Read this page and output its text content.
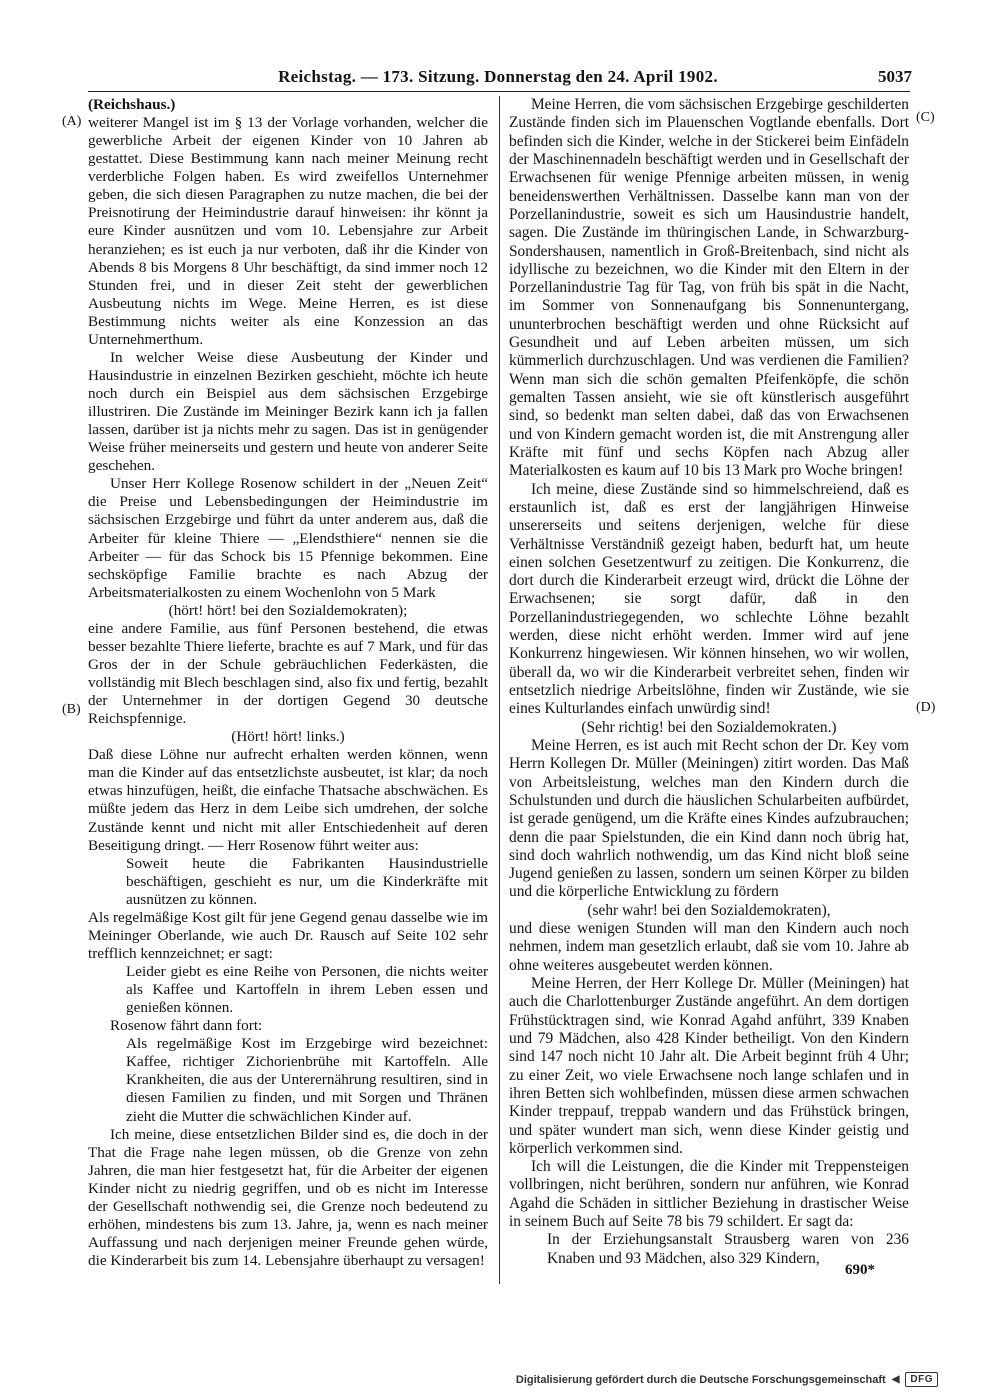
Reichstag. — 173. Sitzung. Donnerstag den 24. April 1902.	5037
(A)
(B)
(C)
(D)

(Reichshaus.)

weiterer Mangel ist im § 13 der Vorlage vorhanden, welcher die gewerbliche Arbeit der eigenen Kinder von 10 Jahren ab gestattet. Diese Bestimmung kann nach meiner Meinung recht verderbliche Folgen haben. Es wird zweifellos Unternehmer geben, die sich diesen Paragraphen zu nutze machen, die bei der Preisnotirung der Heimindustrie darauf hinweisen: ihr könnt ja eure Kinder ausnützen und vom 10. Lebensjahre zur Arbeit heranziehen; es ist euch ja nur verboten, daß ihr die Kinder von Abends 8 bis Morgens 8 Uhr beschäftigt, da sind immer noch 12 Stunden frei, und in dieser Zeit steht der gewerblichen Ausbeutung nichts im Wege. Meine Herren, es ist diese Bestimmung nichts weiter als eine Konzession an das Unternehmerthum.

In welcher Weise diese Ausbeutung der Kinder und Hausindustrie in einzelnen Bezirken geschieht, möchte ich heute noch durch ein Beispiel aus dem sächsischen Erzgebirge illustriren. Die Zustände im Meininger Bezirk kann ich ja fallen lassen, darüber ist ja nichts mehr zu sagen. Das ist in genügender Weise früher meinerseits und gestern und heute von anderer Seite geschehen.

Unser Herr Kollege Rosenow schildert in der „Neuen Zeit“ die Preise und Lebensbedingungen der Heimindustrie im sächsischen Erzgebirge und führt da unter anderem aus, daß die Arbeiter für kleine Thiere — „Elendsthiere“ nennen sie die Arbeiter — für das Schock bis 15 Pfennige bekommen. Eine sechsköpfige Familie brachte es nach Abzug der Arbeitsmaterialkosten zu einem Wochenlohn von 5 Mark

(hört! hört! bei den Sozialdemokraten);

eine andere Familie, aus fünf Personen bestehend, die etwas besser bezahlte Thiere lieferte, brachte es auf 7 Mark, und für das Gros der in der Schule gebräuchlichen Federkästen, die vollständig mit Blech beschlagen sind, also fix und fertig, bezahlt der Unternehmer in der dortigen Gegend 30 deutsche Reichspfennige.

(Hört! hört! links.)

Daß diese Löhne nur aufrecht erhalten werden können, wenn man die Kinder auf das entsetzlichste ausbeutet, ist klar; da noch etwas hinzufügen, heißt, die einfache Thatsache abschwächen. Es müßte jedem das Herz in dem Leibe sich umdrehen, der solche Zustände kennt und nicht mit aller Entschiedenheit auf deren Beseitigung dringt. — Herr Rosenow führt weiter aus:

Soweit heute die Fabrikanten Hausindustrielle beschäftigen, geschieht es nur, um die Kinderkräfte mit ausnützen zu können.

Als regelmäßige Kost gilt für jene Gegend genau dasselbe wie im Meininger Oberlande, wie auch Dr. Rausch auf Seite 102 sehr trefflich kennzeichnet; er sagt:

Leider giebt es eine Reihe von Personen, die nichts weiter als Kaffee und Kartoffeln in ihrem Leben essen und genießen können.

Rosenow fährt dann fort:

Als regelmäßige Kost im Erzgebirge wird bezeichnet: Kaffee, richtiger Zichorienbrühe mit Kartoffeln. Alle Krankheiten, die aus der Unterernährung resultiren, sind in diesen Familien zu finden, und mit Sorgen und Thränen zieht die Mutter die schwächlichen Kinder auf.

Ich meine, diese entsetzlichen Bilder sind es, die doch in der That die Frage nahe legen müssen, ob die Grenze von zehn Jahren, die man hier festgesetzt hat, für die Arbeiter der eigenen Kinder nicht zu niedrig gegriffen, und ob es nicht im Interesse der Gesellschaft nothwendig sei, die Grenze noch bedeutend zu erhöhen, mindestens bis zum 13. Jahre, ja, wenn es nach meiner Auffassung und nach derjenigen meiner Freunde gehen würde, die Kinderarbeit bis zum 14. Lebensjahre überhaupt zu versagen!

Meine Herren, die vom sächsischen Erzgebirge geschilderten Zustände finden sich im Plauenschen Vogtlande ebenfalls. Dort befinden sich die Kinder, welche in der Stickerei beim Einfädeln der Maschinennadeln beschäftigt werden und in Gesellschaft der Erwachsenen für wenige Pfennige arbeiten müssen, in wenig beneidenswerthen Verhältnissen. Dasselbe kann man von der Porzellanindustrie, soweit es sich um Hausindustrie handelt, sagen. Die Zustände im thüringischen Lande, in Schwarzburg-Sondershausen, namentlich in Groß-Breitenbach, sind nicht als idyllische zu bezeichnen, wo die Kinder mit den Eltern in der Porzellanindustrie Tag für Tag, von früh bis spät in die Nacht, im Sommer von Sonnenaufgang bis Sonnenuntergang, ununterbrochen beschäftigt werden und ohne Rücksicht auf Gesundheit und auf Leben arbeiten müssen, um sich kümmerlich durchzuschlagen. Und was verdienen die Familien? Wenn man sich die schön gemalten Pfeifenköpfe, die schön gemalten Tassen ansieht, wie sie oft künstlerisch ausgeführt sind, so bedenkt man selten dabei, daß das von Erwachsenen und von Kindern gemacht worden ist, die mit Anstrengung aller Kräfte mit fünf und sechs Köpfen nach Abzug aller Materialkosten es kaum auf 10 bis 13 Mark pro Woche bringen!

Ich meine, diese Zustände sind so himmelschreiend, daß es erstaunlich ist, daß es erst der langjährigen Hinweise unsererseits und seitens derjenigen, welche für diese Verhältnisse Verständniß gezeigt haben, bedurft hat, um heute einen solchen Gesetzentwurf zu zeitigen. Die Konkurrenz, die dort durch die Kinderarbeit erzeugt wird, drückt die Löhne der Erwachsenen; sie sorgt dafür, daß in den Porzellanindustriegegenden, wo schlechte Löhne bezahlt werden, diese nicht erhöht werden. Immer wird auf jene Konkurrenz hingewiesen. Wir können hinsehen, wo wir wollen, überall da, wo wir die Kinderarbeit verbreitet sehen, finden wir entsetzlich niedrige Arbeitslöhne, finden wir Zustände, wie sie eines Kulturlandes einfach unwürdig sind!

(Sehr richtig! bei den Sozialdemokraten.)

Meine Herren, es ist auch mit Recht schon der Dr. Key vom Herrn Kollegen Dr. Müller (Meiningen) zitirt worden. Das Maß von Arbeitsleistung, welches man den Kindern durch die Schulstunden und durch die häuslichen Schularbeiten aufbürdet, ist gerade genügend, um die Kräfte eines Kindes aufzubrauchen; denn die paar Spielstunden, die ein Kind dann noch übrig hat, sind doch wahrlich nothwendig, um das Kind nicht bloß seine Jugend genießen zu lassen, sondern um seinen Körper zu bilden und die körperliche Entwicklung zu fördern

(sehr wahr! bei den Sozialdemokraten),

und diese wenigen Stunden will man den Kindern auch noch nehmen, indem man gesetzlich erlaubt, daß sie vom 10. Jahre ab ohne weiteres ausgebeutet werden können.

Meine Herren, der Herr Kollege Dr. Müller (Meiningen) hat auch die Charlottenburger Zustände angeführt. An dem dortigen Frühstücktragen sind, wie Konrad Agahd anführt, 339 Knaben und 79 Mädchen, also 428 Kinder betheiligt. Von den Kindern sind 147 noch nicht 10 Jahr alt. Die Arbeit beginnt früh 4 Uhr; zu einer Zeit, wo viele Erwachsene noch lange schlafen und in ihren Betten sich wohlbefinden, müssen diese armen schwachen Kinder treppauf, treppab wandern und das Frühstück bringen, und später wundert man sich, wenn diese Kinder geistig und körperlich verkommen sind.

Ich will die Leistungen, die die Kinder mit Treppensteigen vollbringen, nicht berühren, sondern nur anführen, wie Konrad Agahd die Schäden in sittlicher Beziehung in drastischer Weise in seinem Buch auf Seite 78 bis 79 schildert. Er sagt da:

In der Erziehungsanstalt Strausberg waren von 236 Knaben und 93 Mädchen, also 329 Kindern,

690*
Digitalisierung gefördert durch die Deutsche Forschungsgemeinschaft ◀	DFG
